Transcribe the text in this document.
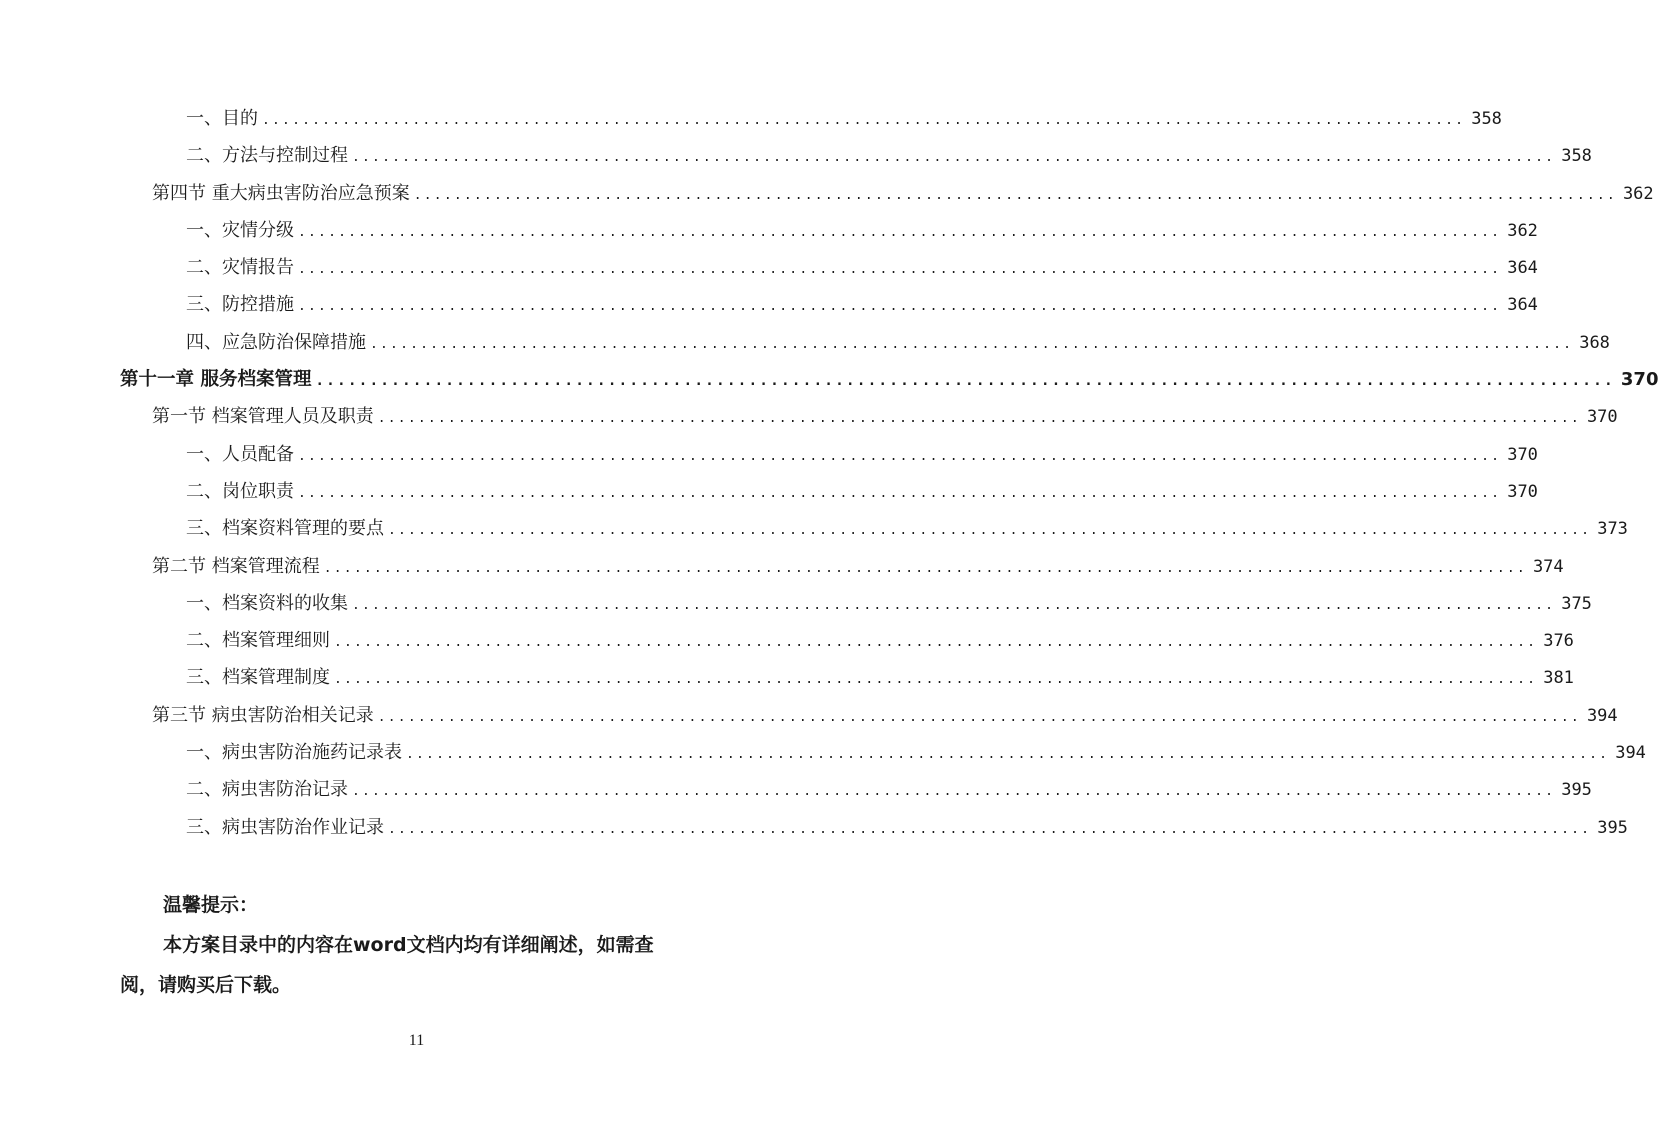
一、目的 ........................................................................................................................ 358
二、方法与控制过程 ........................................................................................................................ 358
第四节 重大病虫害防治应急预案 ........................................................................................................................ 362
一、灾情分级 ........................................................................................................................ 362
二、灾情报告 ........................................................................................................................ 364
三、防控措施 ........................................................................................................................ 364
四、应急防治保障措施 ........................................................................................................................ 368
第十一章 服务档案管理 ........................................................................................................................ 370
第一节 档案管理人员及职责 ........................................................................................................................ 370
一、人员配备 ........................................................................................................................ 370
二、岗位职责 ........................................................................................................................ 370
三、档案资料管理的要点 ........................................................................................................................ 373
第二节 档案管理流程 ........................................................................................................................ 374
一、档案资料的收集 ........................................................................................................................ 375
二、档案管理细则 ........................................................................................................................ 376
三、档案管理制度 ........................................................................................................................ 381
第三节 病虫害防治相关记录 ........................................................................................................................ 394
一、病虫害防治施药记录表 ........................................................................................................................ 394
二、病虫害防治记录 ........................................................................................................................ 395
三、病虫害防治作业记录 ........................................................................................................................ 395
温馨提示：
本方案目录中的内容在word文档内均有详细阐述，如需查阅，请购买后下载。
11
